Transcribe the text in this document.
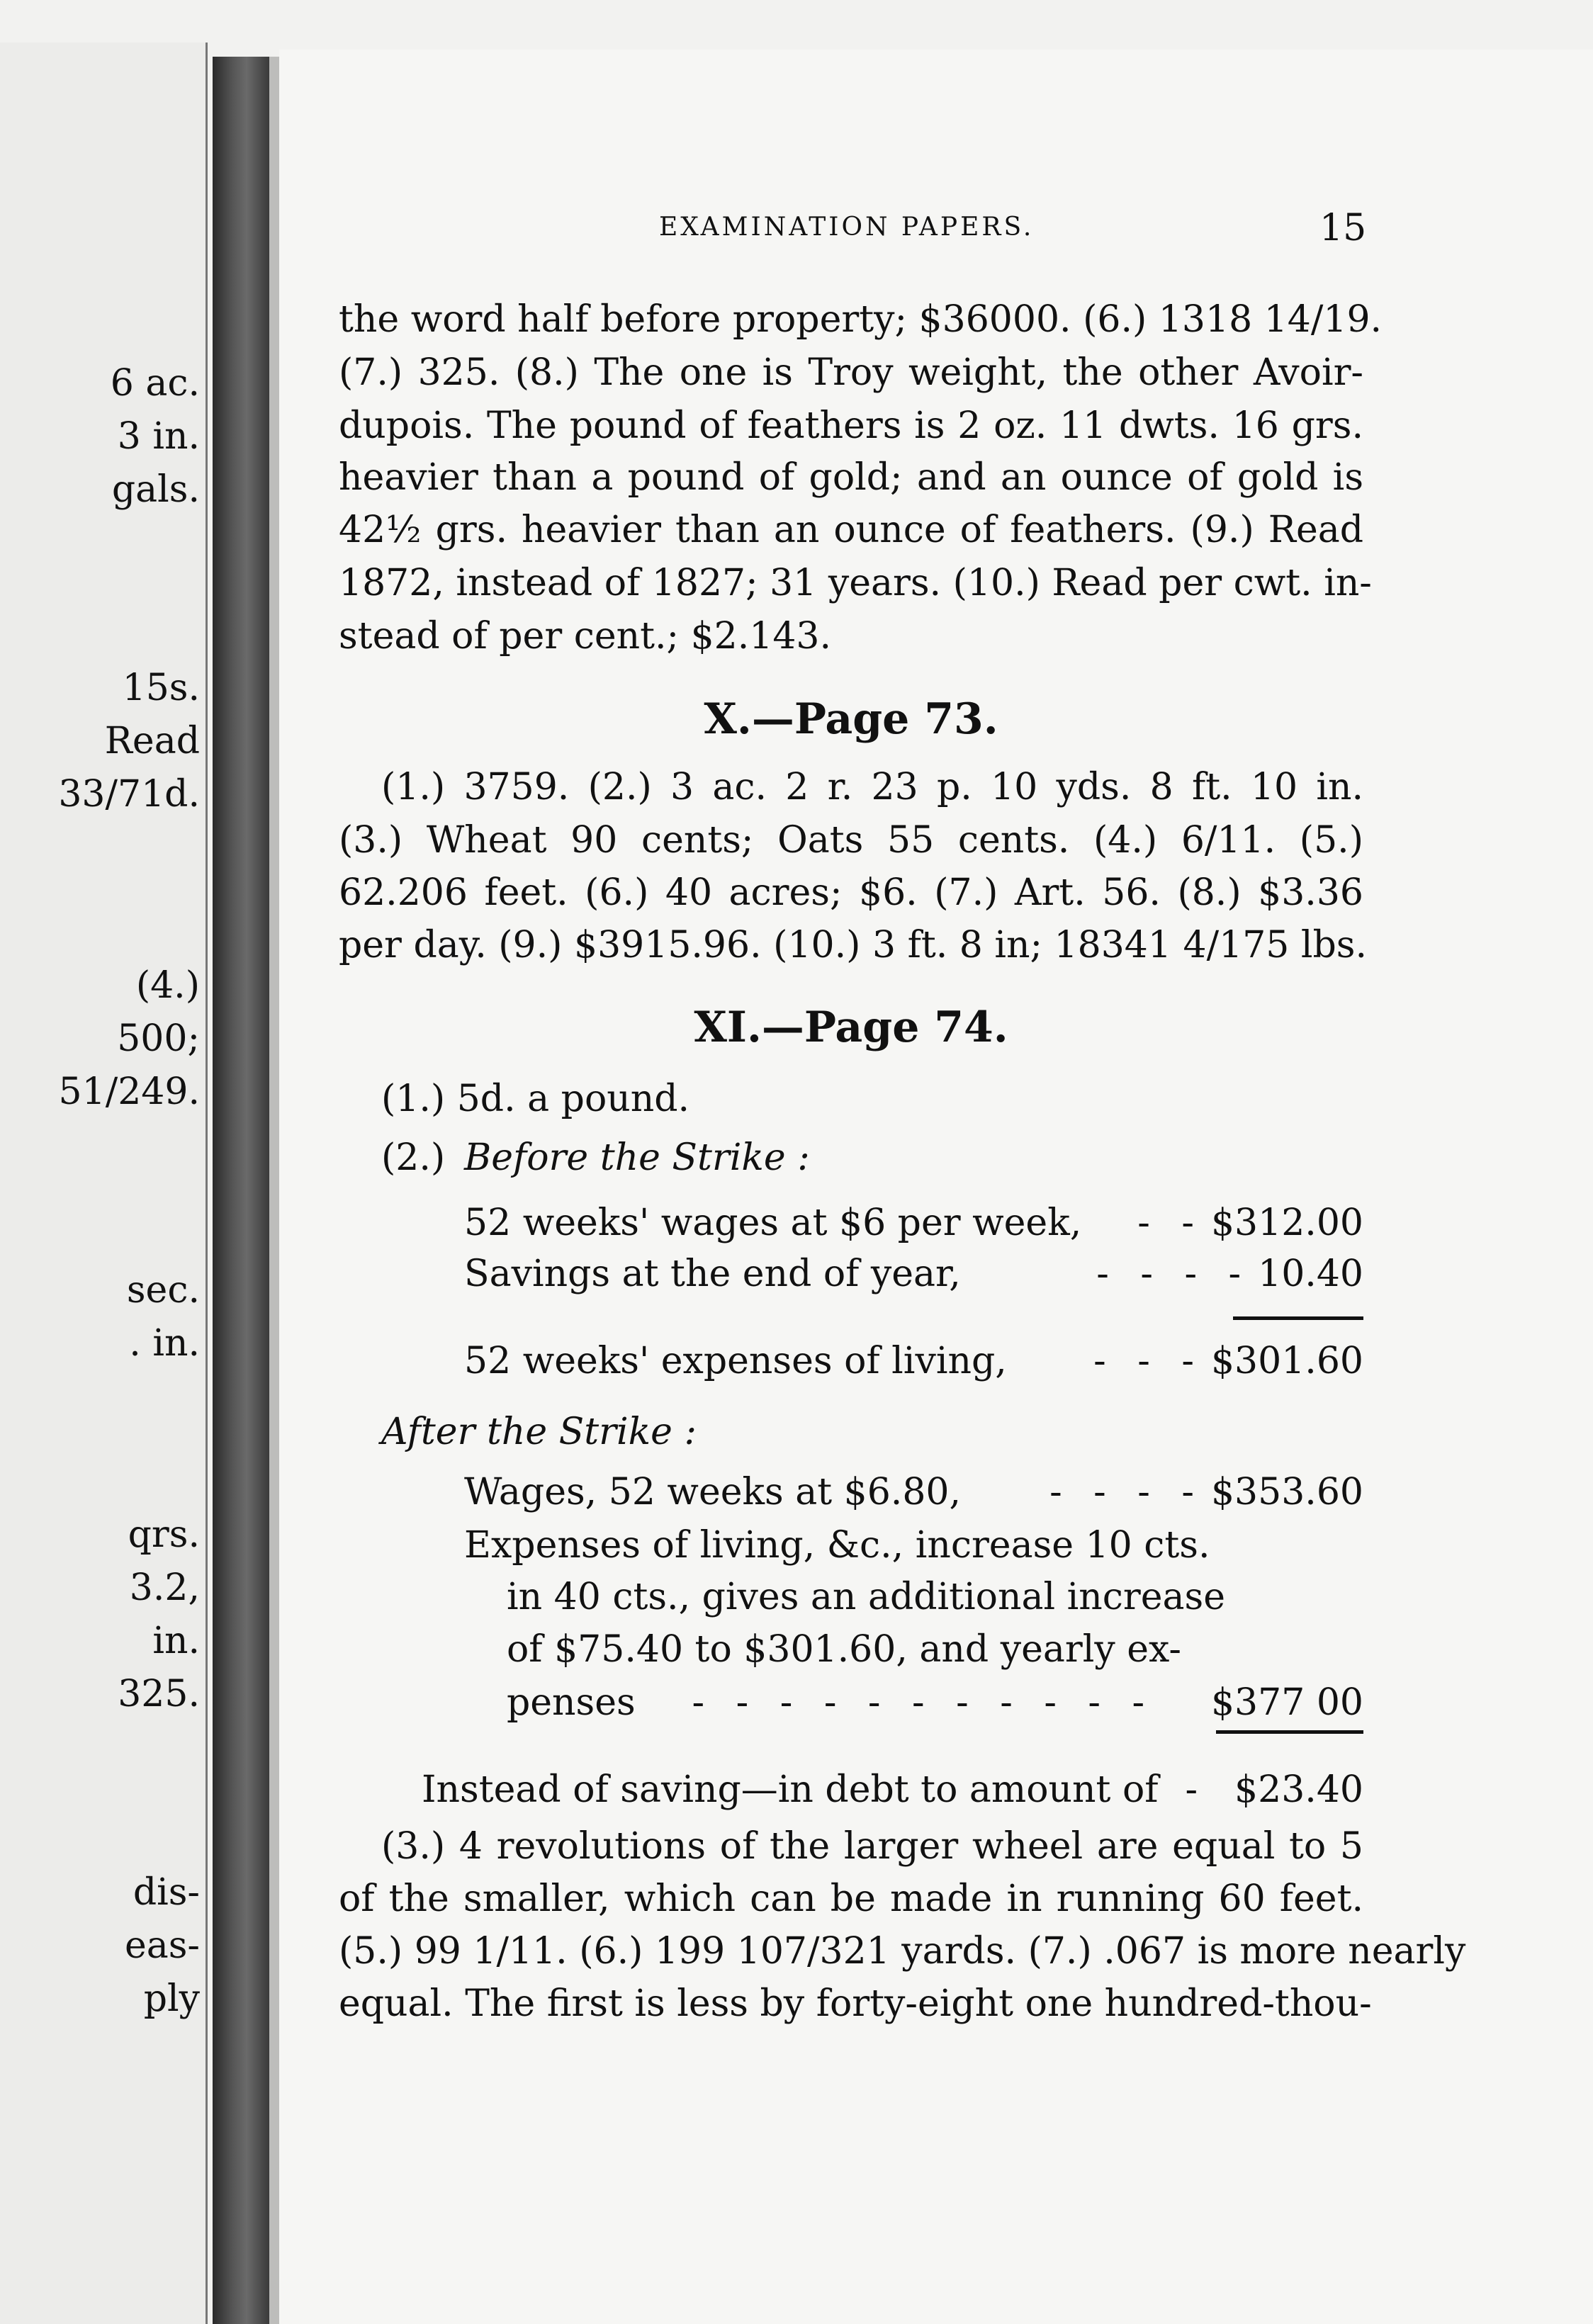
6 ac.
3 in.
gals.
15s.
Read
33/71d.
(4.)
500;
51/249.
sec.
. in.
qrs.
3.2,
in.
325.
dis-
eas-
ply
EXAMINATION PAPERS.	15
the word half before property; $36000. (6.) 1318 14/19.
(7.) 325. (8.) The one is Troy weight, the other Avoir-
dupois. The pound of feathers is 2 oz. 11 dwts. 16 grs.
heavier than a pound of gold; and an ounce of gold is
42½ grs. heavier than an ounce of feathers. (9.) Read
1872, instead of 1827; 31 years. (10.) Read per cwt. in-
stead of per cent.; $2.143.
X.—Page 73.
(1.) 3759. (2.) 3 ac. 2 r. 23 p. 10 yds. 8 ft. 10 in.
(3.) Wheat 90 cents; Oats 55 cents. (4.) 6/11. (5.)
62.206 feet. (6.) 40 acres; $6. (7.) Art. 56. (8.) $3.36
per day. (9.) $3915.96. (10.) 3 ft. 8 in; 18341 4/175 lbs.
XI.—Page 74.
(1.) 5d. a pound.
(2.) Before the Strike :
52 weeks' wages at $6 per week,	- - $312.00
Savings at the end of year,	- - - - 10.40
52 weeks' expenses of living,	- - - $301.60
After the Strike :
Wages, 52 weeks at $6.80,	- - - - $353.60
Expenses of living, &c., increase 10 cts.
in 40 cts., gives an additional increase
of $75.40 to $301.60, and yearly ex-
penses	- - - - - - - - - - -	$377 00
Instead of saving—in debt to amount of - $23.40
(3.) 4 revolutions of the larger wheel are equal to 5
of the smaller, which can be made in running 60 feet.
(5.) 99 1/11. (6.) 199 107/321 yards. (7.) .067 is more nearly
equal. The first is less by forty-eight one hundred-thou-
